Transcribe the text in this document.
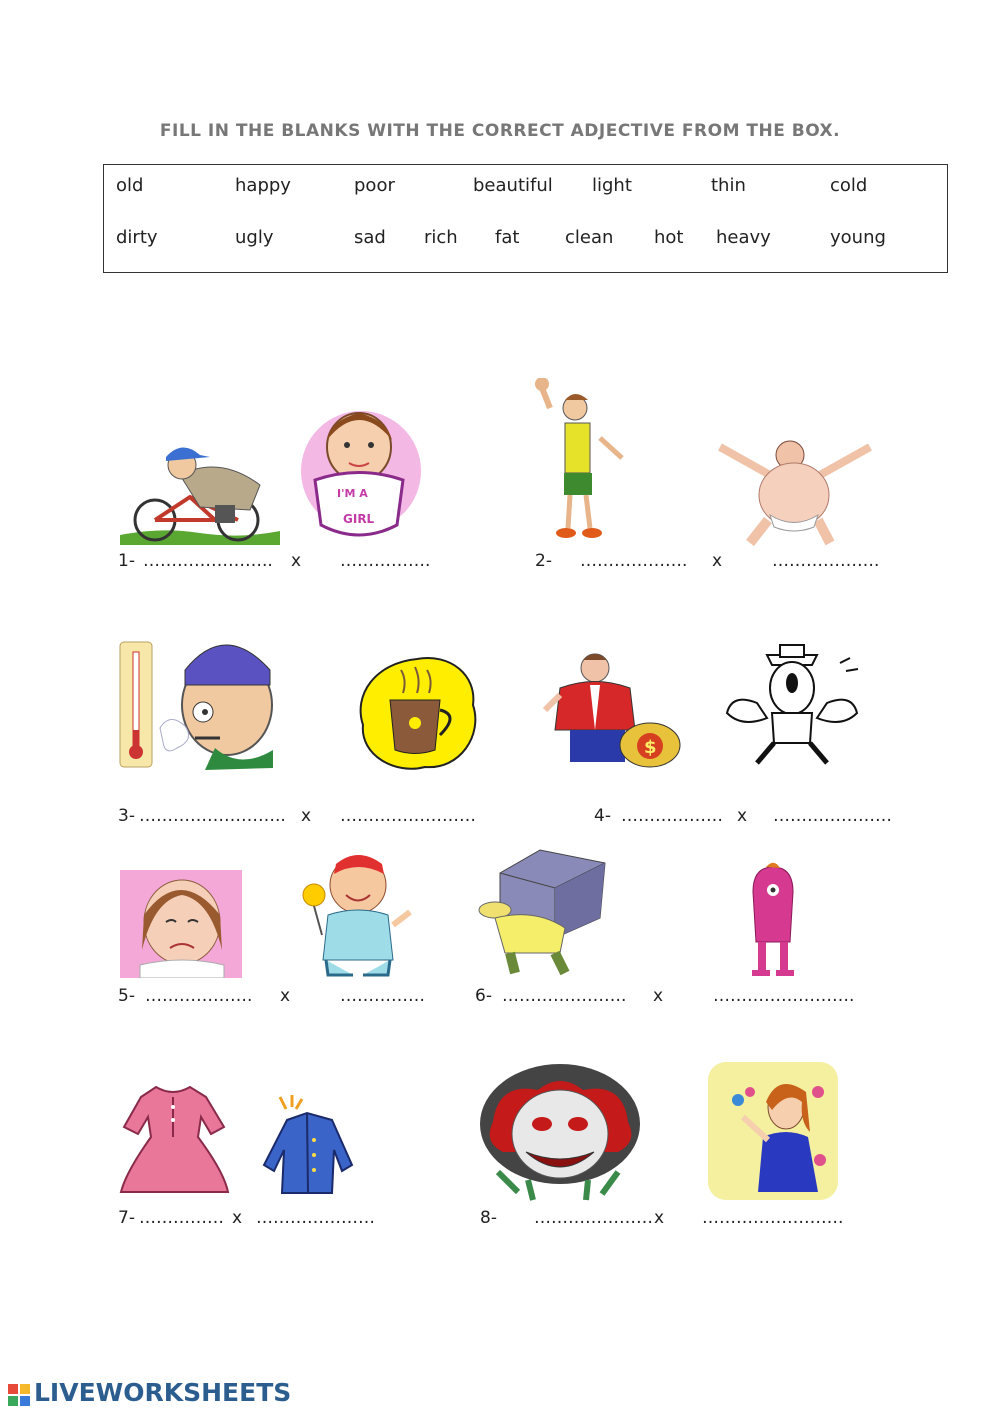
FILL IN THE BLANKS WITH THE CORRECT ADJECTIVE FROM THE BOX.
old	happy	poor	beautiful light	thin	cold
dirty	ugly	sad rich fat	clean hot heavy	young
I'M A
GIRL
$
1- ………………….. x …………….	2- ………………. x	……………….
3- …………………….. x ……………………	4- ……………… x …………………
5- ………………. x	……………	6- …………………. x	…………………….
7- …………… x …………………	8- ………………… x …………………….
LIVEWORKSHEETS
